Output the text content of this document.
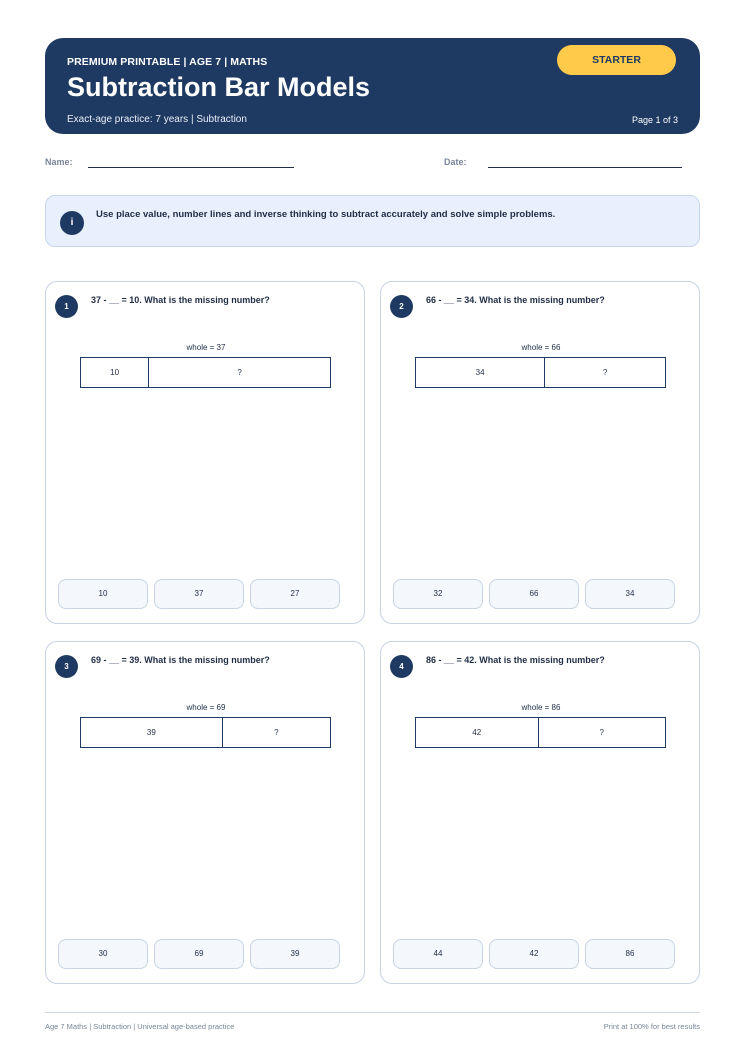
PREMIUM PRINTABLE | AGE 7 | MATHS
Subtraction Bar Models
Exact-age practice: 7 years | Subtraction	Page 1 of 3
STARTER
Name:	Date:
i
Use place value, number lines and inverse thinking to subtract accurately and solve simple problems.
1
37 - __ = 10. What is the missing number?
whole = 37
10	?
10	37	27
2
66 - __ = 34. What is the missing number?
whole = 66
34	?
32	66	34
3
69 - __ = 39. What is the missing number?
whole = 69
39	?
30	69	39
4
86 - __ = 42. What is the missing number?
whole = 86
42	?
44	42	86
Age 7 Maths | Subtraction | Universal age-based practice	Print at 100% for best results
